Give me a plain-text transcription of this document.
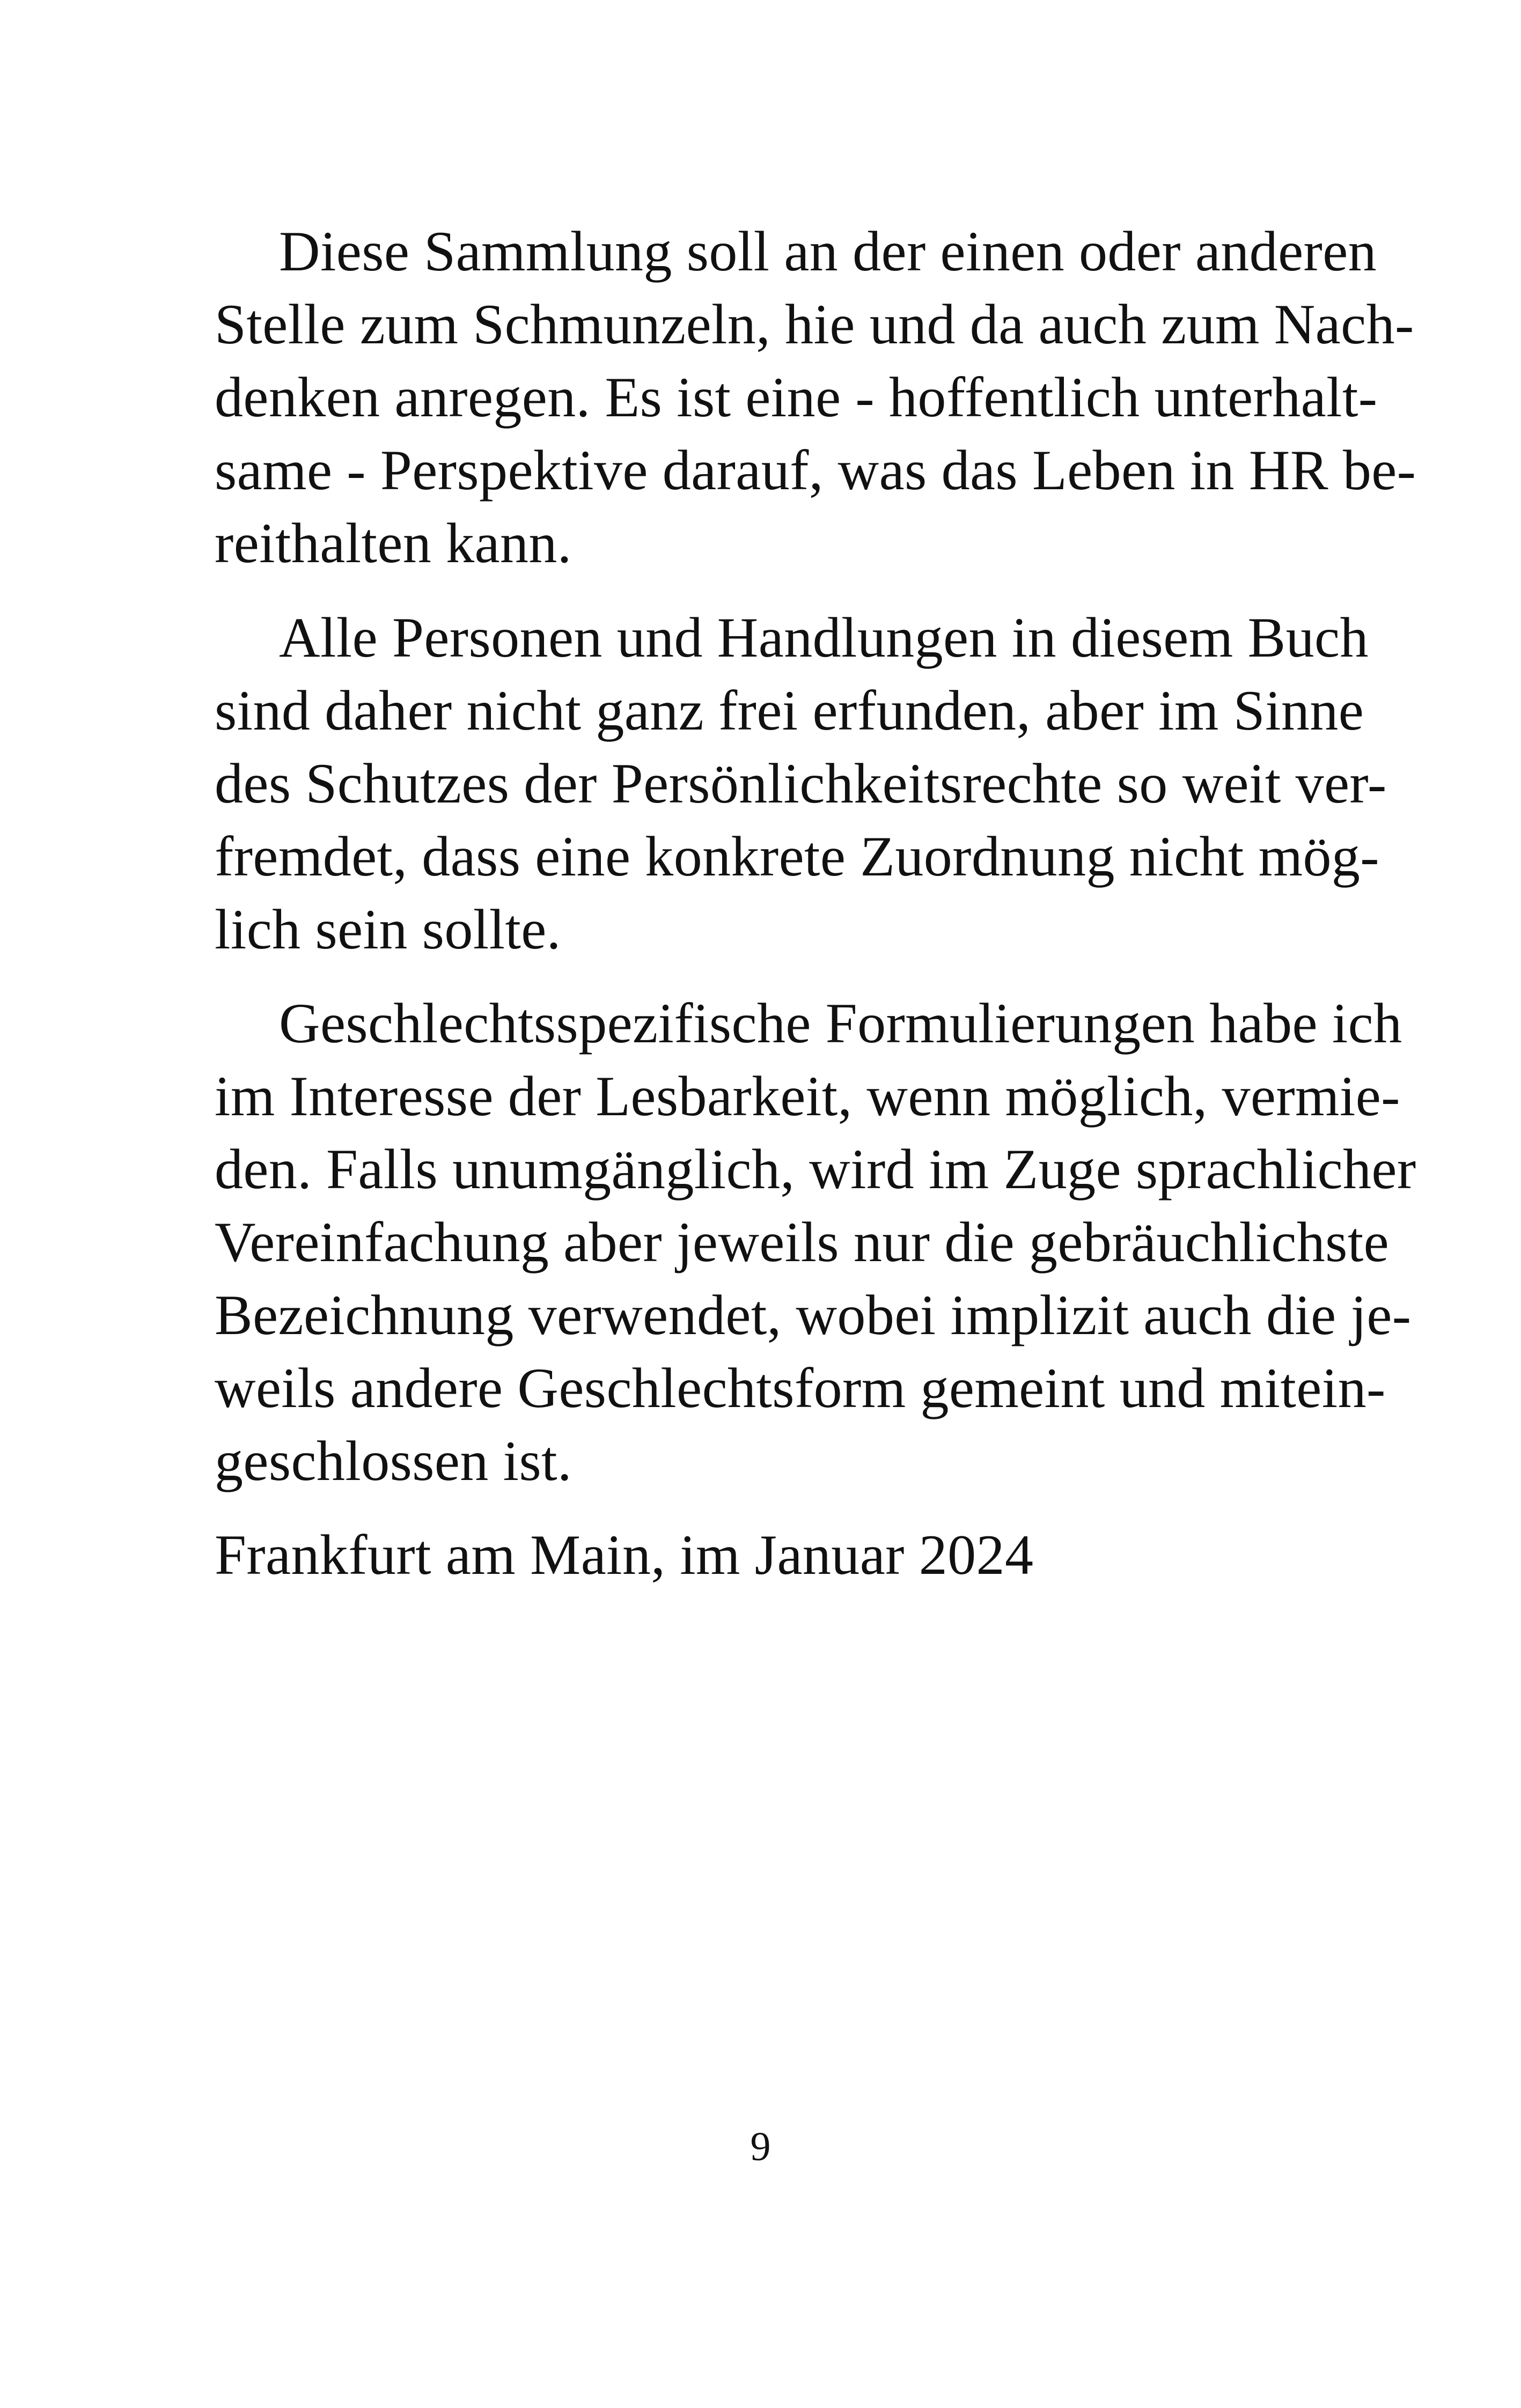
Diese Sammlung soll an der einen oder anderen
Stelle zum Schmunzeln, hie und da auch zum Nach-
denken anregen. Es ist eine - hoffentlich unterhalt-
same - Perspektive darauf, was das Leben in HR be-
reithalten kann.
Alle Personen und Handlungen in diesem Buch
sind daher nicht ganz frei erfunden, aber im Sinne
des Schutzes der Persönlichkeitsrechte so weit ver-
fremdet, dass eine konkrete Zuordnung nicht mög-
lich sein sollte.
Geschlechtsspezifische Formulierungen habe ich
im Interesse der Lesbarkeit, wenn möglich, vermie-
den. Falls unumgänglich, wird im Zuge sprachlicher
Vereinfachung aber jeweils nur die gebräuchlichste
Bezeichnung verwendet, wobei implizit auch die je-
weils andere Geschlechtsform gemeint und mitein-
geschlossen ist.
Frankfurt am Main, im Januar 2024
9
